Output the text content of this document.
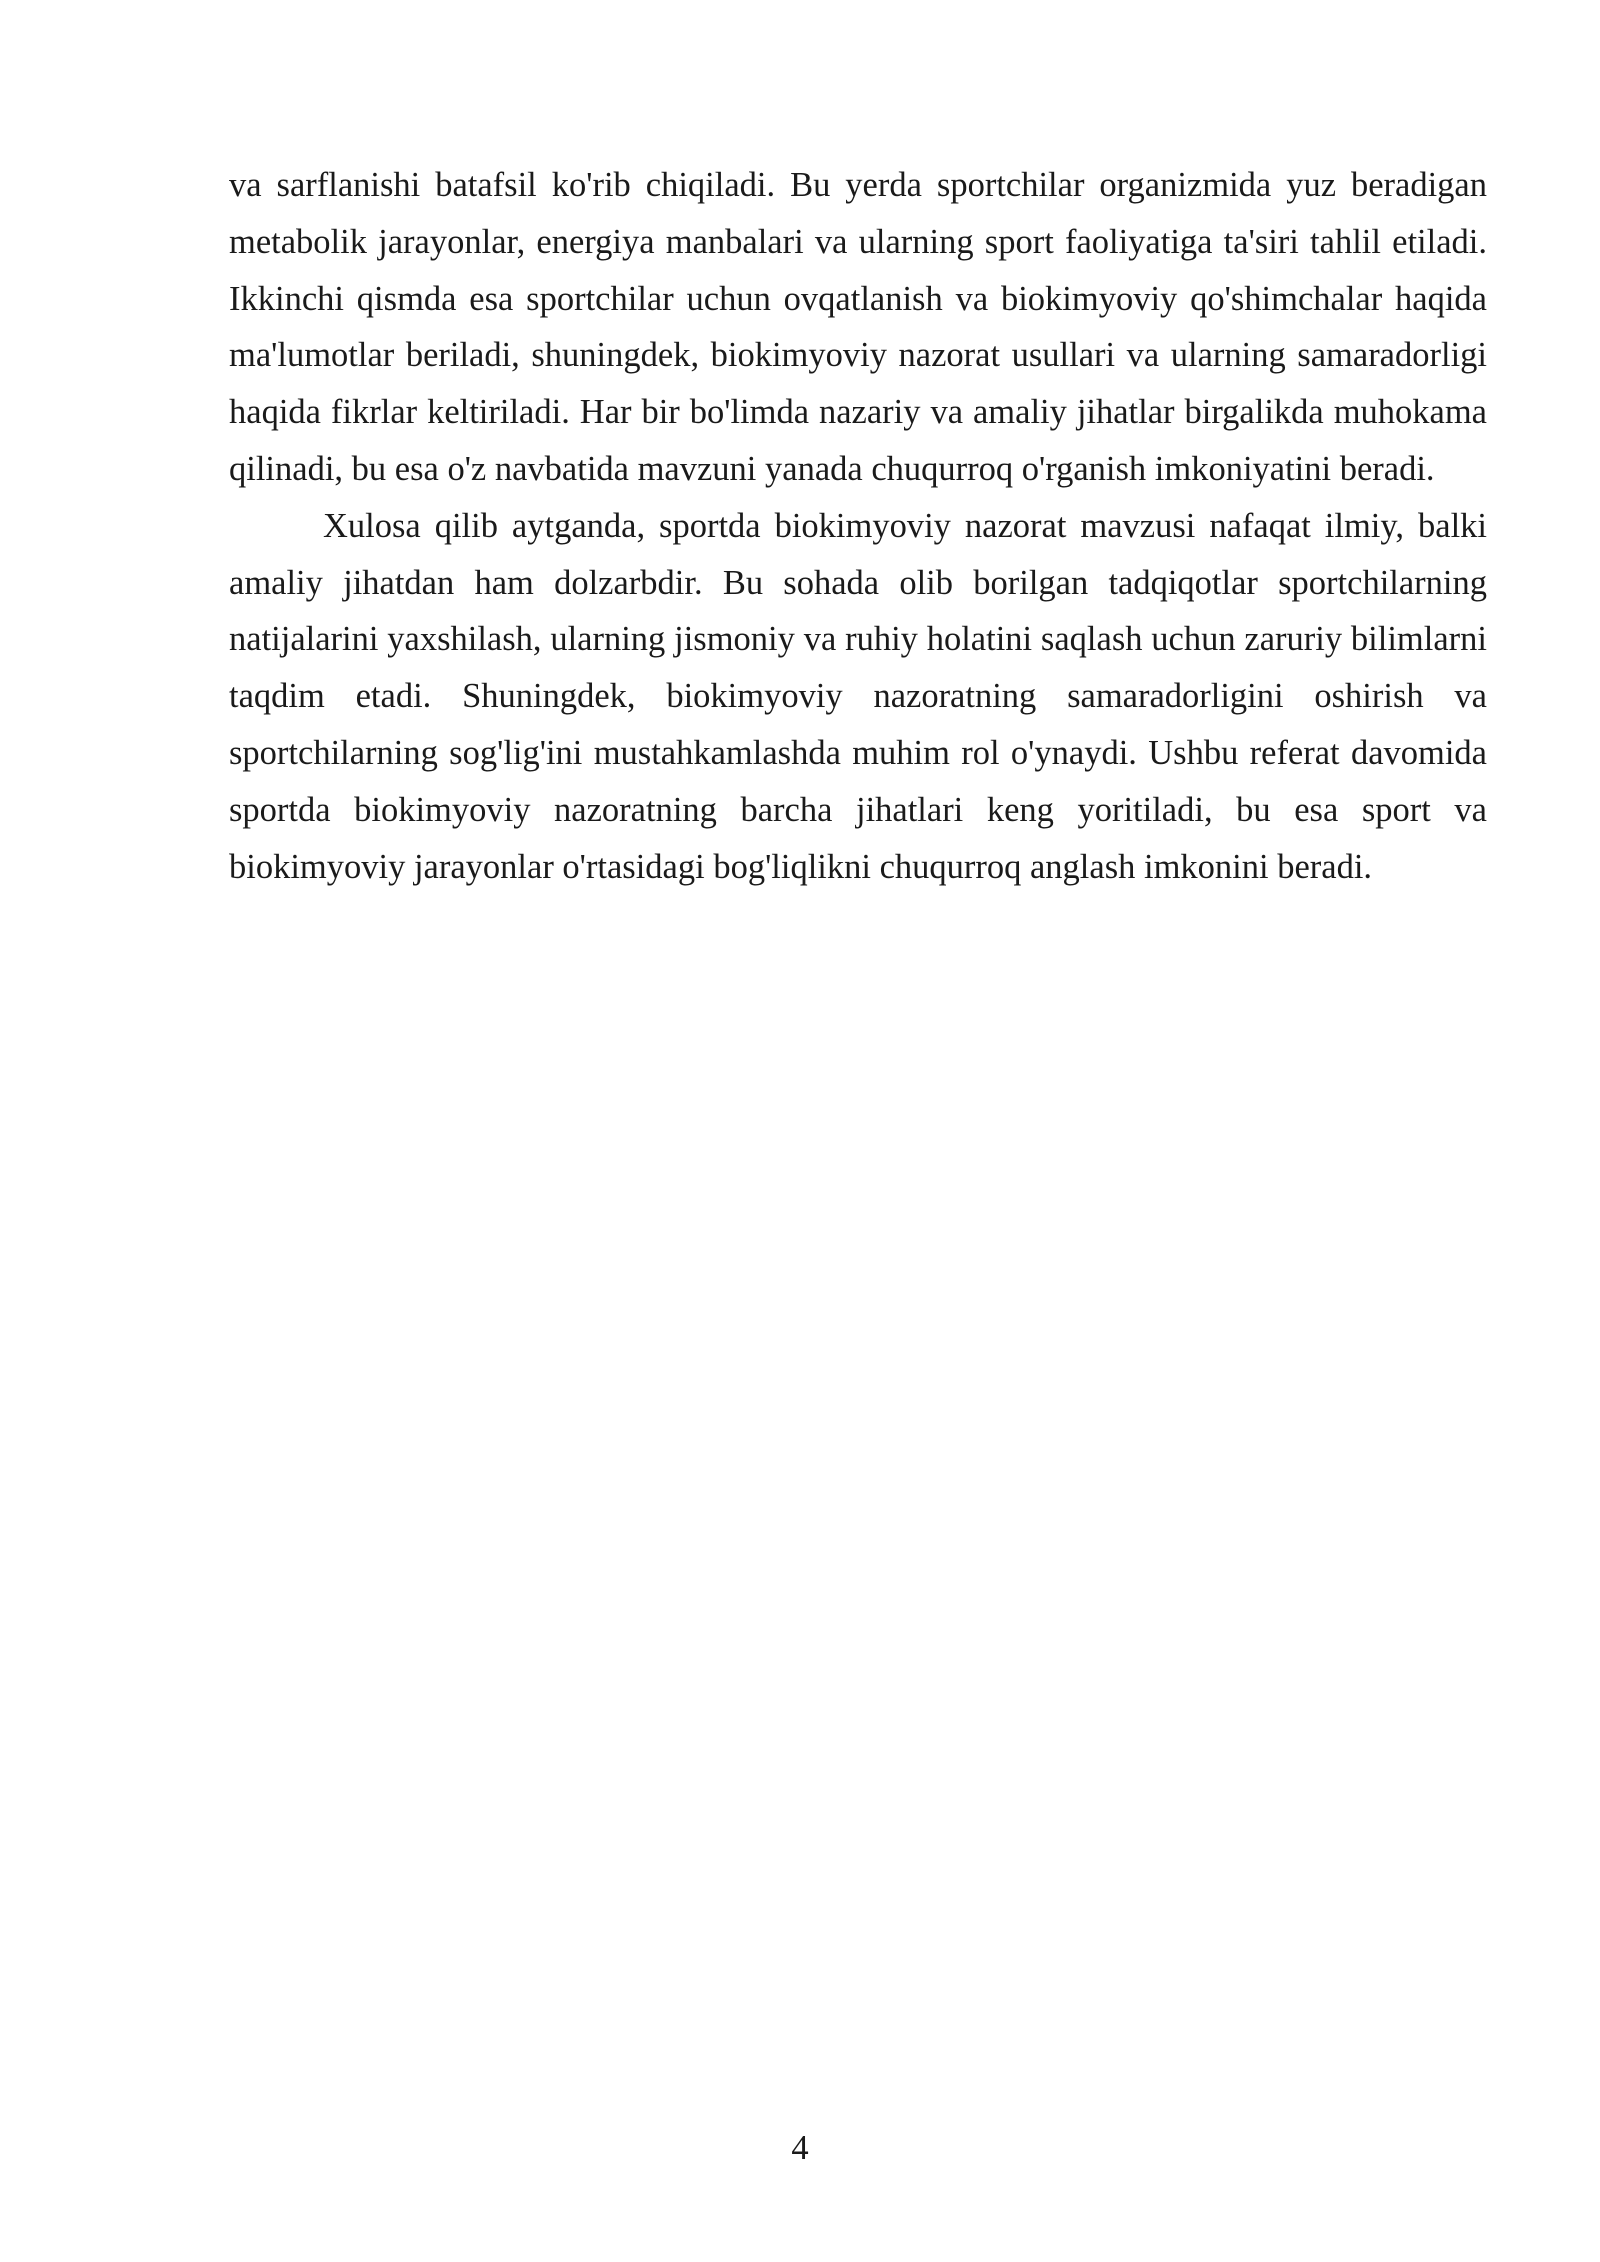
va sarflanishi batafsil ko'rib chiqiladi. Bu yerda sportchilar organizmida yuz beradigan metabolik jarayonlar, energiya manbalari va ularning sport faoliyatiga ta'siri tahlil etiladi. Ikkinchi qismda esa sportchilar uchun ovqatlanish va biokimyoviy qo'shimchalar haqida ma'lumotlar beriladi, shuningdek, biokimyoviy nazorat usullari va ularning samaradorligi haqida fikrlar keltiriladi. Har bir bo'limda nazariy va amaliy jihatlar birgalikda muhokama qilinadi, bu esa o'z navbatida mavzuni yanada chuqurroq o'rganish imkoniyatini beradi.

Xulosa qilib aytganda, sportda biokimyoviy nazorat mavzusi nafaqat ilmiy, balki amaliy jihatdan ham dolzarbdir. Bu sohada olib borilgan tadqiqotlar sportchilarning natijalarini yaxshilash, ularning jismoniy va ruhiy holatini saqlash uchun zaruriy bilimlarni taqdim etadi. Shuningdek, biokimyoviy nazoratning samaradorligini oshirish va sportchilarning sog'lig'ini mustahkamlashda muhim rol o'ynaydi. Ushbu referat davomida sportda biokimyoviy nazoratning barcha jihatlari keng yoritiladi, bu esa sport va biokimyoviy jarayonlar o'rtasidagi bog'liqlikni chuqurroq anglash imkonini beradi.

4
